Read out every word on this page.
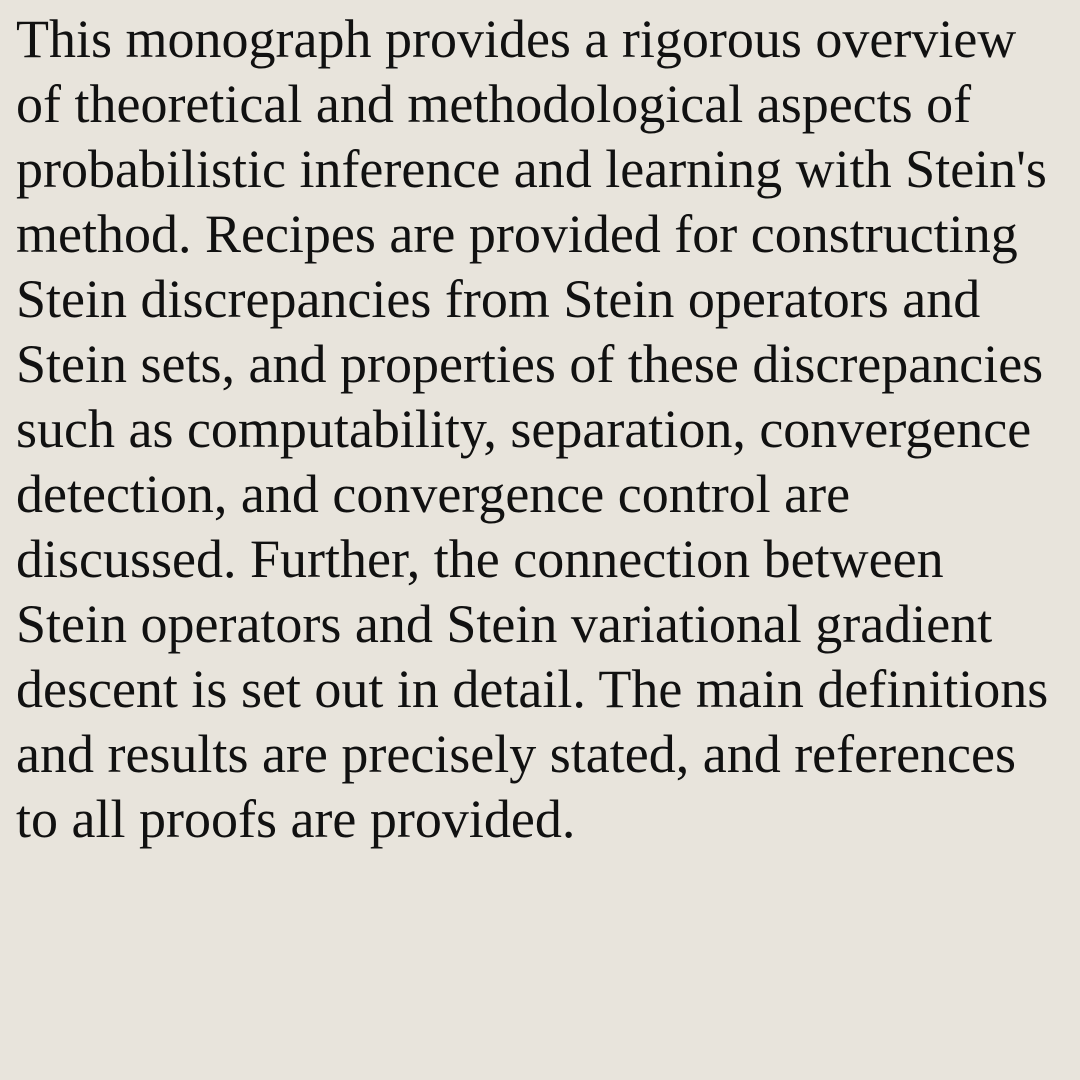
This monograph provides a rigorous overview
of theoretical and methodological aspects of
probabilistic inference and learning with Stein's
method. Recipes are provided for constructing
Stein discrepancies from Stein operators and
Stein sets, and properties of these discrepancies
such as computability, separation, convergence
detection, and convergence control are
discussed. Further, the connection between
Stein operators and Stein variational gradient
descent is set out in detail. The main definitions
and results are precisely stated, and references
to all proofs are provided.
